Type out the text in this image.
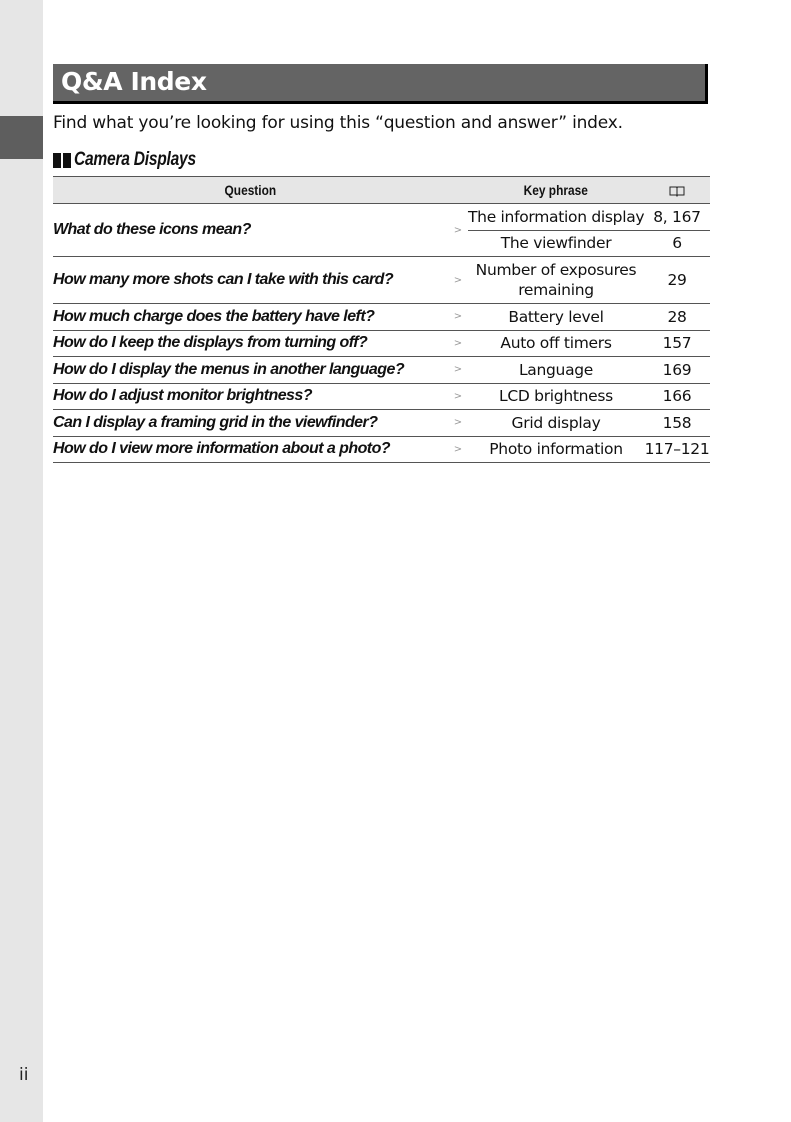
ii
Q&A Index
Find what you’re looking for using this “question and answer” index.
Camera Displays
Question		Key phrase	
What do these icons mean?	>	The information display	8, 167
		The viewfinder	6
How many more shots can I take with this card?	>	Number of exposures remaining	29
How much charge does the battery have left?	>	Battery level	28
How do I keep the displays from turning off?	>	Auto off timers	157
How do I display the menus in another language?	>	Language	169
How do I adjust monitor brightness?	>	LCD brightness	166
Can I display a framing grid in the viewfinder?	>	Grid display	158
How do I view more information about a photo?	>	Photo information	117–121
